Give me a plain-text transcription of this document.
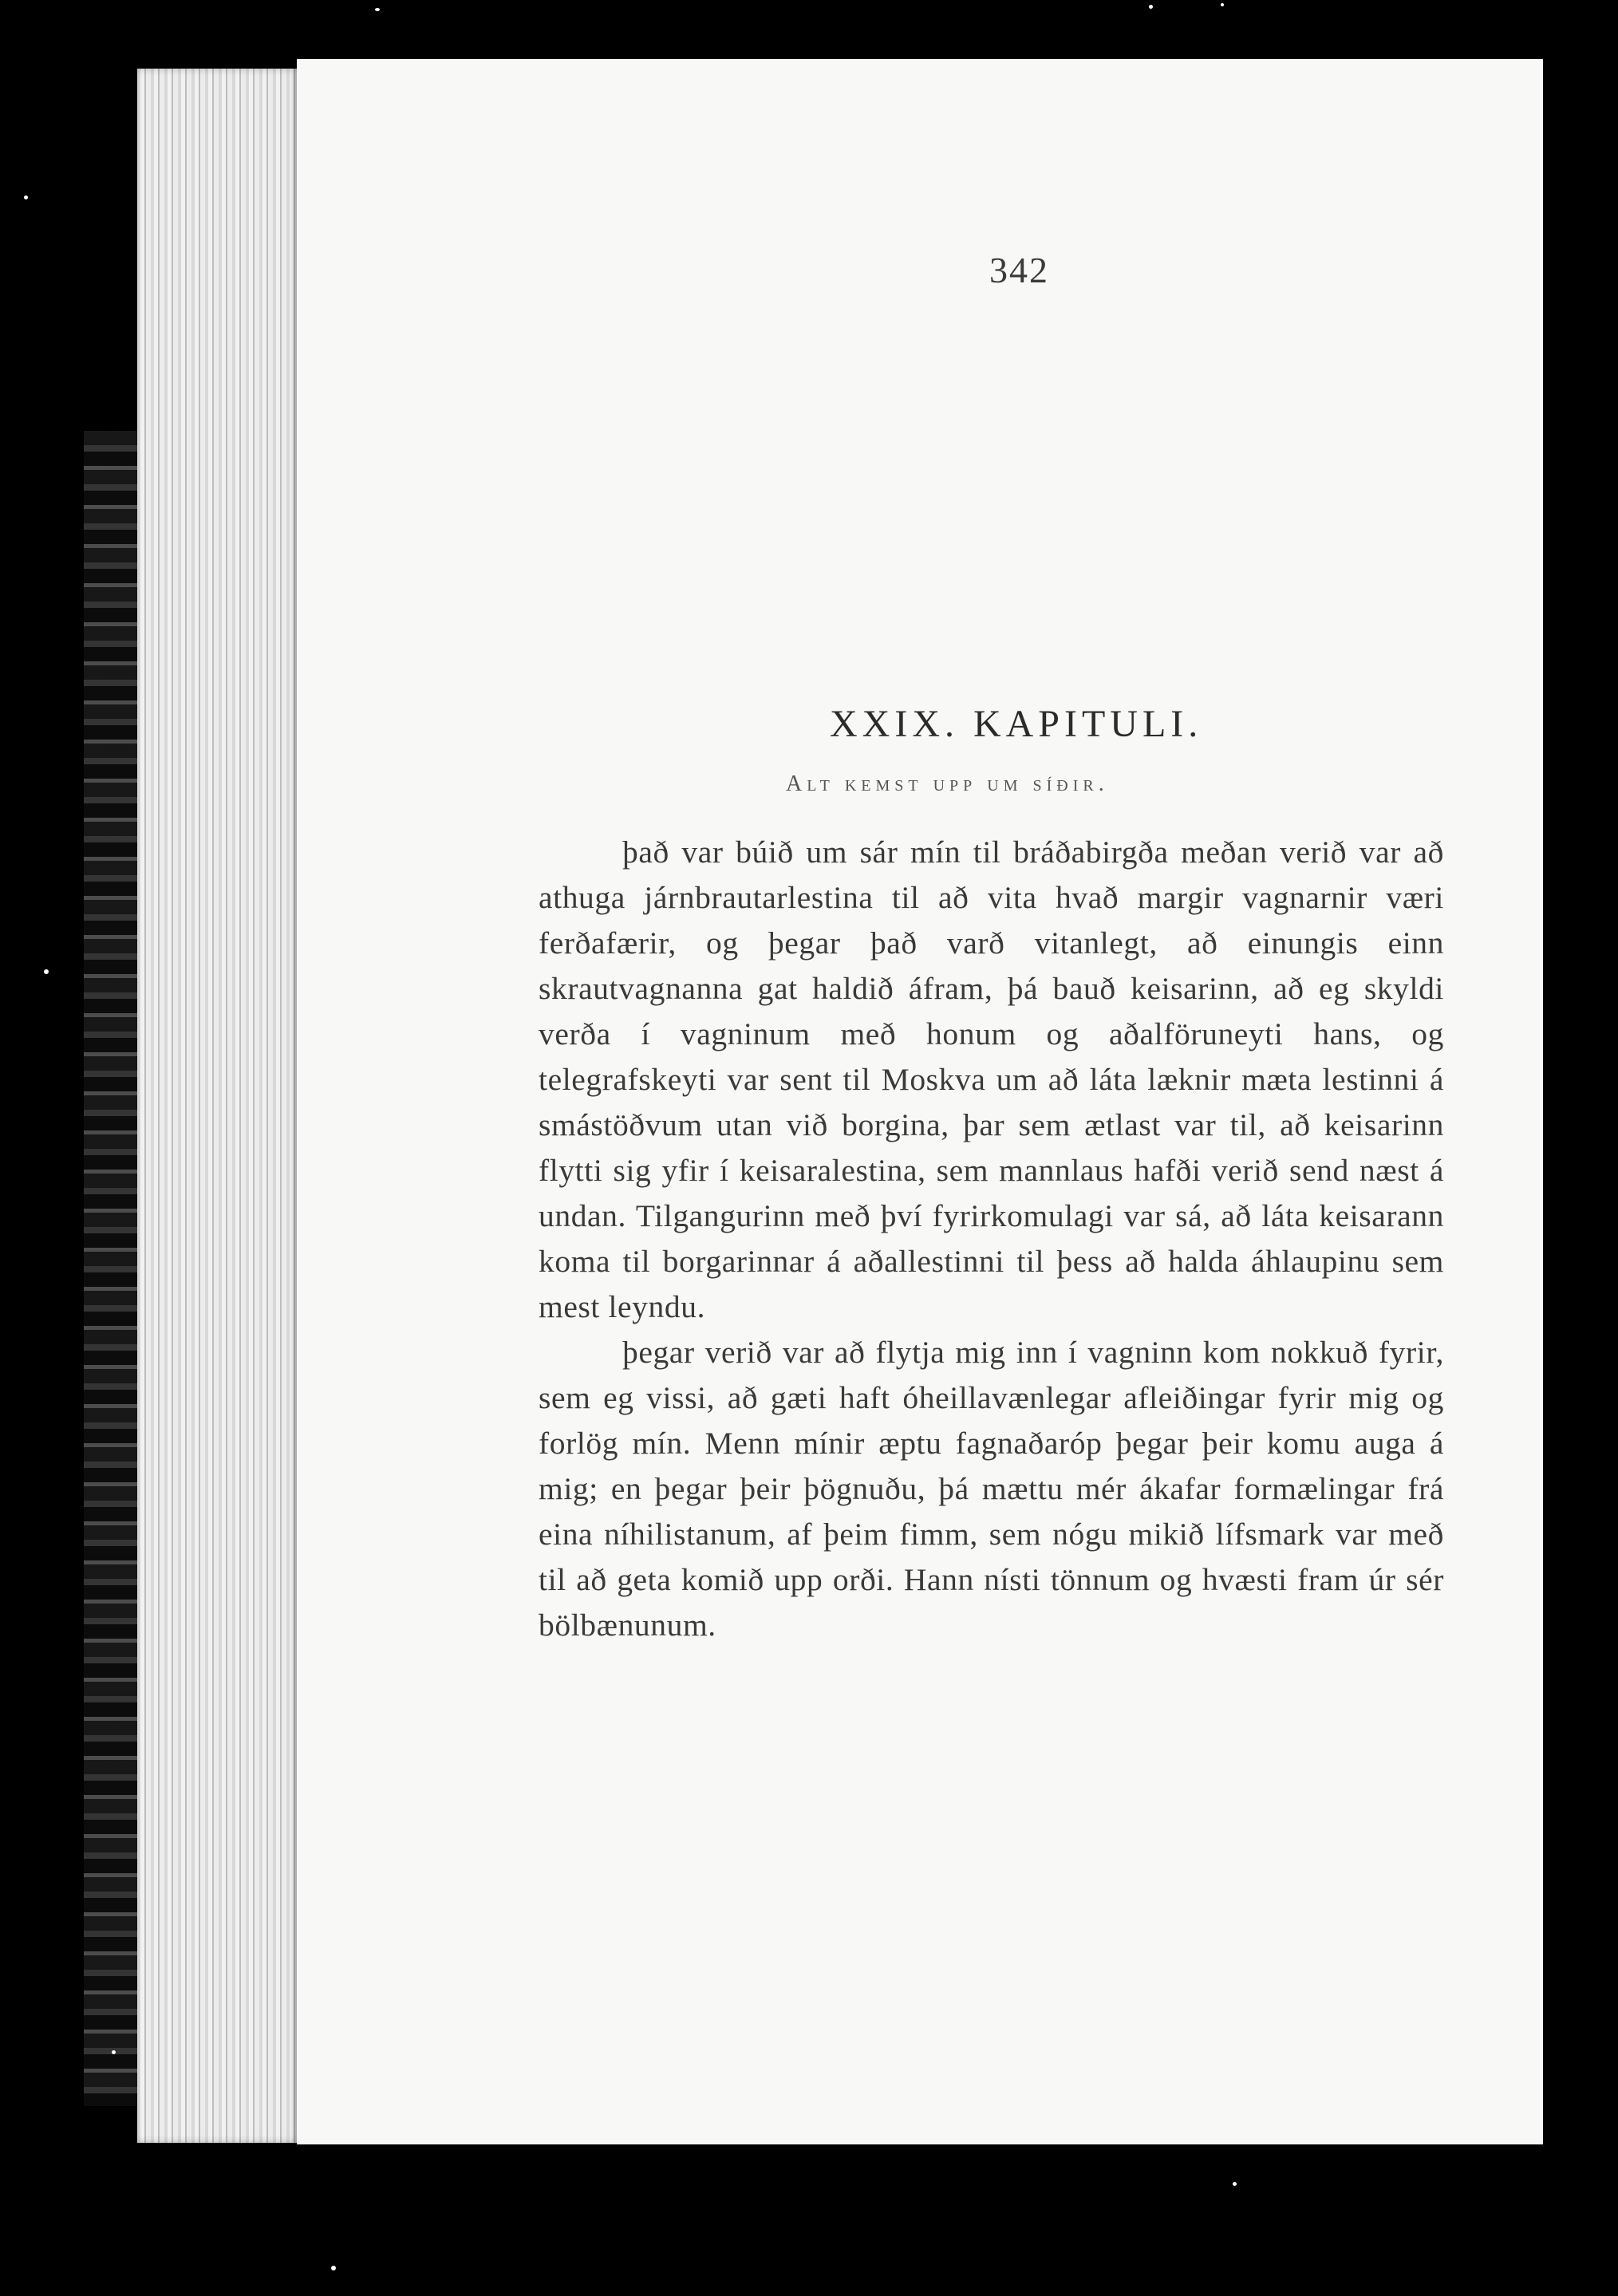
342
XXIX. KAPITULI.
Alt kemst upp um síðir.

það var búið um sár mín til bráðabirgða meðan verið var að athuga járnbrautarlestina til að vita hvað margir vagnarnir væri ferðafærir, og þegar það varð vitanlegt, að einungis einn skrautvagnanna gat haldið áfram, þá bauð keisarinn, að eg skyldi verða í vagninum með honum og aðalföruneyti hans, og telegrafskeyti var sent til Moskva um að láta læknir mæta lestinni á smástöðvum utan við borgina, þar sem ætlast var til, að keisarinn flytti sig yfir í keisaralestina, sem mannlaus hafði verið send næst á undan. Tilgangurinn með því fyrirkomulagi var sá, að láta keisarann koma til borgarinnar á aðallestinni til þess að halda áhlaupinu sem mest leyndu.

þegar verið var að flytja mig inn í vagninn kom nokkuð fyrir, sem eg vissi, að gæti haft óheillavænlegar afleiðingar fyrir mig og forlög mín. Menn mínir æptu fagnaðaróp þegar þeir komu auga á mig; en þegar þeir þögnuðu, þá mættu mér ákafar formælingar frá eina níhilistanum, af þeim fimm, sem nógu mikið lífsmark var með til að geta komið upp orði. Hann nísti tönnum og hvæsti fram úr sér bölbænunum.
